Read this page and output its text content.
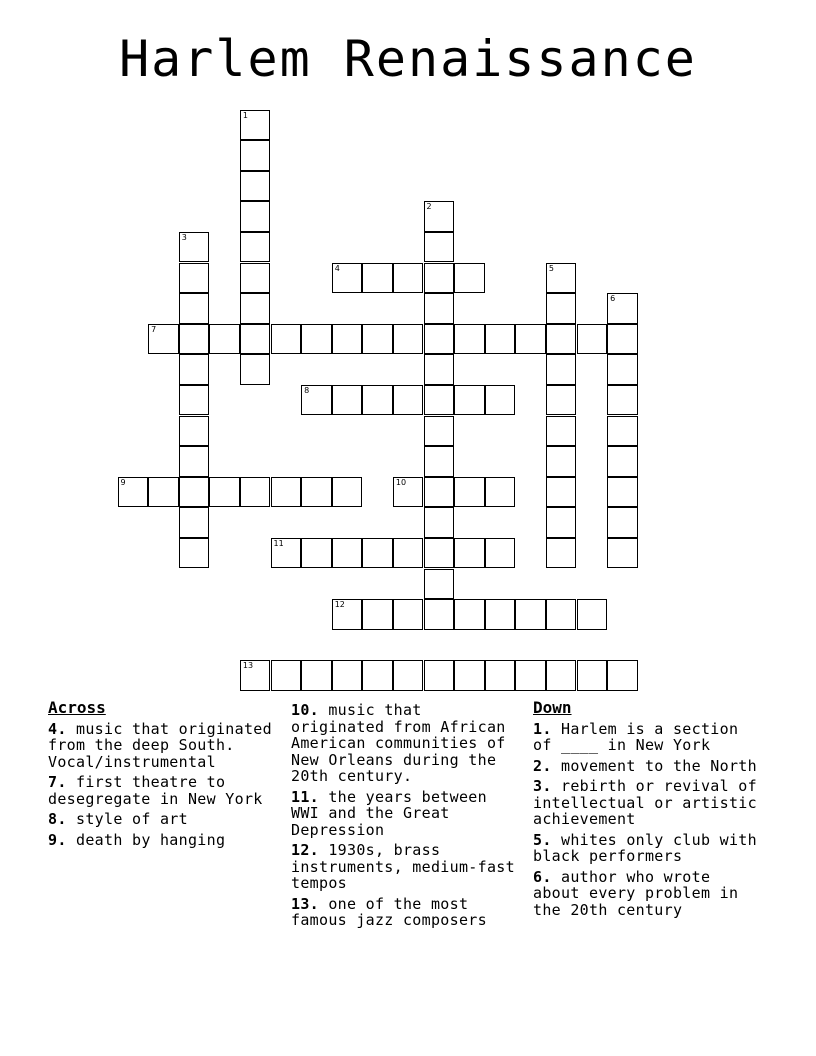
Harlem Renaissance
1
2
3
4	5
6
7
8
9	10
11
12
13
Across
4. music that originated from the deep South. Vocal/instrumental
7. first theatre to desegregate in New York
8. style of art
9. death by hanging
10. music that originated from African American communities of New Orleans during the 20th century.
11. the years between WWI and the Great Depression
12. 1930s, brass instruments, medium-fast tempos
13. one of the most famous jazz composers
Down
1. Harlem is a section of ____ in New York
2. movement to the North
3. rebirth or revival of intellectual or artistic achievement
5. whites only club with black performers
6. author who wrote about every problem in the 20th century
